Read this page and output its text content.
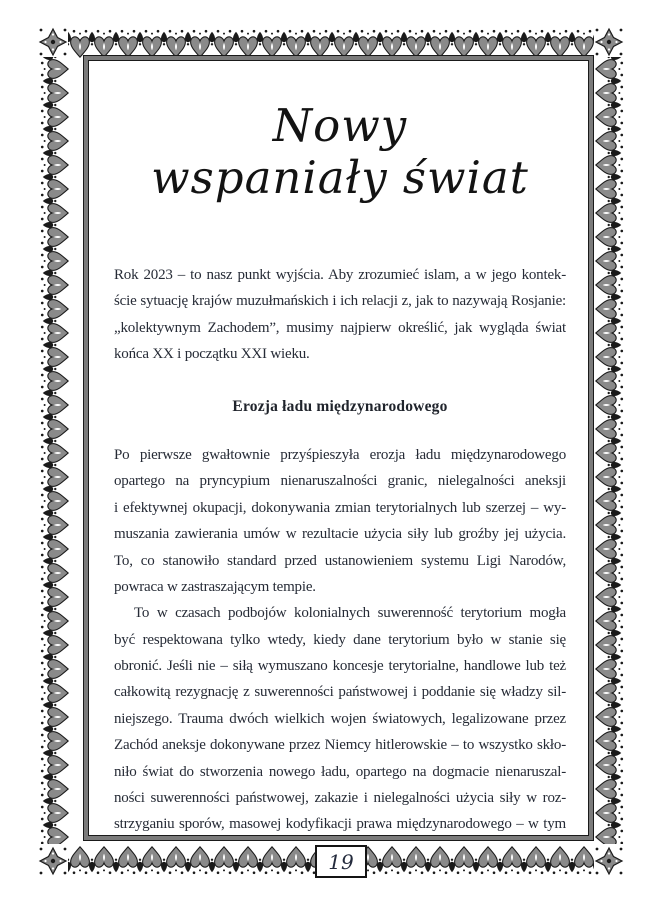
Nowy
wspaniały świat
Rok 2023 – to nasz punkt wyjścia. Aby zrozumieć islam, a w jego kontek-
ście sytuację krajów muzułmańskich i ich relacji z, jak to nazywają Rosjanie:
„kolektywnym Zachodem”, musimy najpierw określić, jak wygląda świat
końca XX i początku XXI wieku.
Erozja ładu międzynarodowego
Po pierwsze gwałtownie przyśpieszyła erozja ładu międzynarodowego
opartego na pryncypium nienaruszalności granic, nielegalności aneksji
i efektywnej okupacji, dokonywania zmian terytorialnych lub szerzej – wy-
muszania zawierania umów w rezultacie użycia siły lub groźby jej użycia.
To, co stanowiło standard przed ustanowieniem systemu Ligi Narodów,
powraca w zastraszającym tempie.
To w czasach podbojów kolonialnych suwerenność terytorium mogła
być respektowana tylko wtedy, kiedy dane terytorium było w stanie się
obronić. Jeśli nie – siłą wymuszano koncesje terytorialne, handlowe lub też
całkowitą rezygnację z suwerenności państwowej i poddanie się władzy sil-
niejszego. Trauma dwóch wielkich wojen światowych, legalizowane przez
Zachód aneksje dokonywane przez Niemcy hitlerowskie – to wszystko skło-
niło świat do stworzenia nowego ładu, opartego na dogmacie nienaruszal-
ności suwerenności państwowej, zakazie i nielegalności użycia siły w roz-
strzyganiu sporów, masowej kodyfikacji prawa międzynarodowego – w tym
19
